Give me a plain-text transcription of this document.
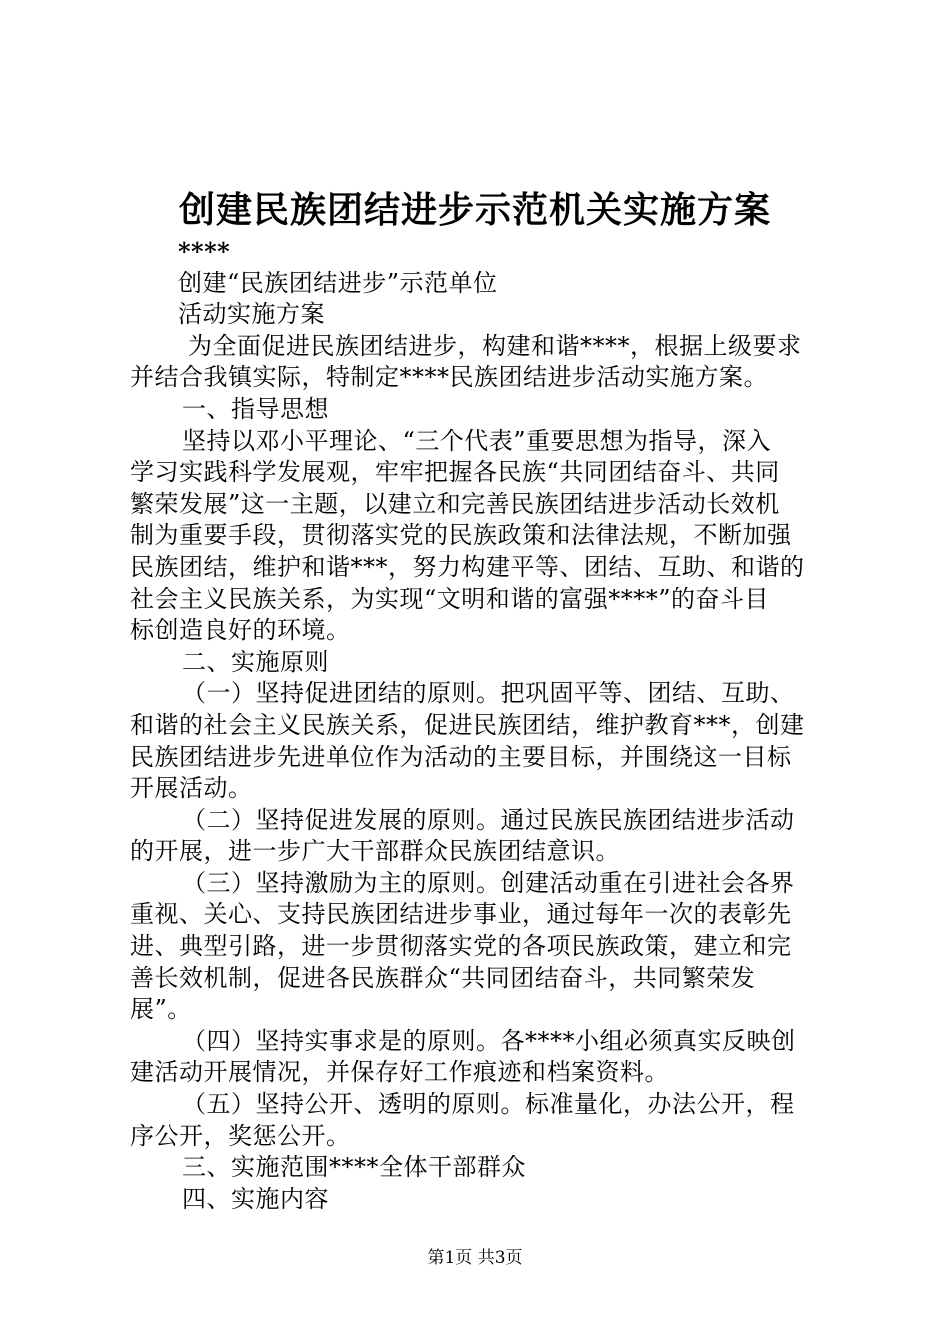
创建民族团结进步示范机关实施方案
****
创建“民族团结进步”示范单位
活动实施方案
为全面促进民族团结进步，构建和谐****，根据上级要求
并结合我镇实际，特制定****民族团结进步活动实施方案。
一、指导思想
坚持以邓小平理论、“三个代表”重要思想为指导，深入
学习实践科学发展观，牢牢把握各民族“共同团结奋斗、共同
繁荣发展”这一主题，以建立和完善民族团结进步活动长效机
制为重要手段，贯彻落实党的民族政策和法律法规，不断加强
民族团结，维护和谐***，努力构建平等、团结、互助、和谐的
社会主义民族关系，为实现“文明和谐的富强****”的奋斗目
标创造良好的环境。
二、实施原则
（一）坚持促进团结的原则。把巩固平等、团结、互助、
和谐的社会主义民族关系，促进民族团结，维护教育***，创建
民族团结进步先进单位作为活动的主要目标，并围绕这一目标
开展活动。
（二）坚持促进发展的原则。通过民族民族团结进步活动
的开展，进一步广大干部群众民族团结意识。
（三）坚持激励为主的原则。创建活动重在引进社会各界
重视、关心、支持民族团结进步事业，通过每年一次的表彰先
进、典型引路，进一步贯彻落实党的各项民族政策，建立和完
善长效机制，促进各民族群众“共同团结奋斗，共同繁荣发
展”。
（四）坚持实事求是的原则。各****小组必须真实反映创
建活动开展情况，并保存好工作痕迹和档案资料。
（五）坚持公开、透明的原则。标准量化，办法公开，程
序公开，奖惩公开。
三、实施范围****全体干部群众
四、实施内容
第1页 共3页
